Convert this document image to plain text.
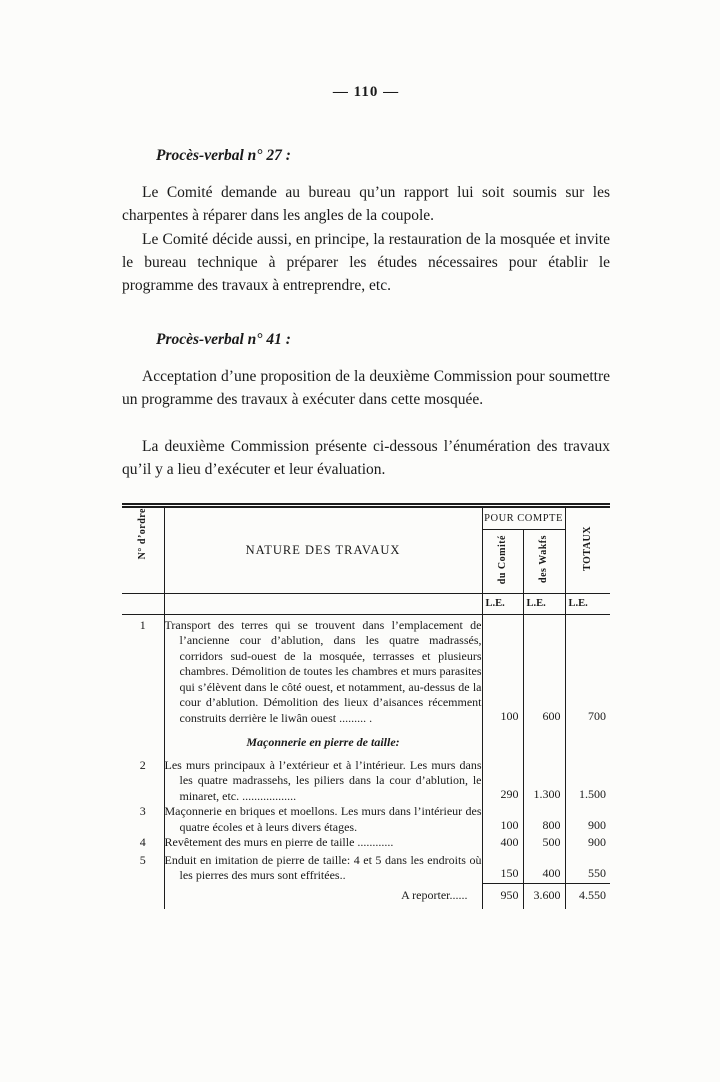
— 110 —
Procès-verbal n° 27 :

Le Comité demande au bureau qu’un rapport lui soit soumis sur les charpentes à réparer dans les angles de la coupole.

Le Comité décide aussi, en principe, la restauration de la mosquée et invite le bureau technique à préparer les études nécessaires pour établir le programme des travaux à entreprendre, etc.

Procès-verbal n° 41 :

Acceptation d’une proposition de la deuxième Commission pour soumettre un programme des travaux à exécuter dans cette mosquée.

La deuxième Commission présente ci-dessous l’énumération des travaux qu’il y a lieu d’exécuter et leur évaluation.

N° d’ordre	NATURE DES TRAVAUX	POUR COMPTE		TOTAUX
		du Comité	des Wakfs	
		L.E.	L.E.	L.E.
1	Transport des terres qui se trouvent dans l’emplacement de l’ancienne cour d’ablution, dans les quatre madrassés, corridors sud-ouest de la mosquée, terrasses et plusieurs chambres. Démolition de toutes les chambres et murs parasites qui s’élèvent dans le côté ouest, et notamment, au-dessus de la cour d’ablution. Démolition des lieux d’aisances récemment construits derrière le liwân ouest ......... .	100	600	700

	Maçonnerie en pierre de taille:			

2	Les murs principaux à l’extérieur et à l’intérieur. Les murs dans les quatre madrassehs, les piliers dans la cour d’ablution, le minaret, etc. ..................	290	1.300	1.500
3	Maçonnerie en briques et moellons. Les murs dans l’intérieur des quatre écoles et à leurs divers étages.	100	800	900
4	Revêtement des murs en pierre de taille ............	400	500	900
5	Enduit en imitation de pierre de taille: 4 et 5 dans les endroits où les pierres des murs sont effritées..	150	400	550
	A reporter......	950	3.600	4.550
